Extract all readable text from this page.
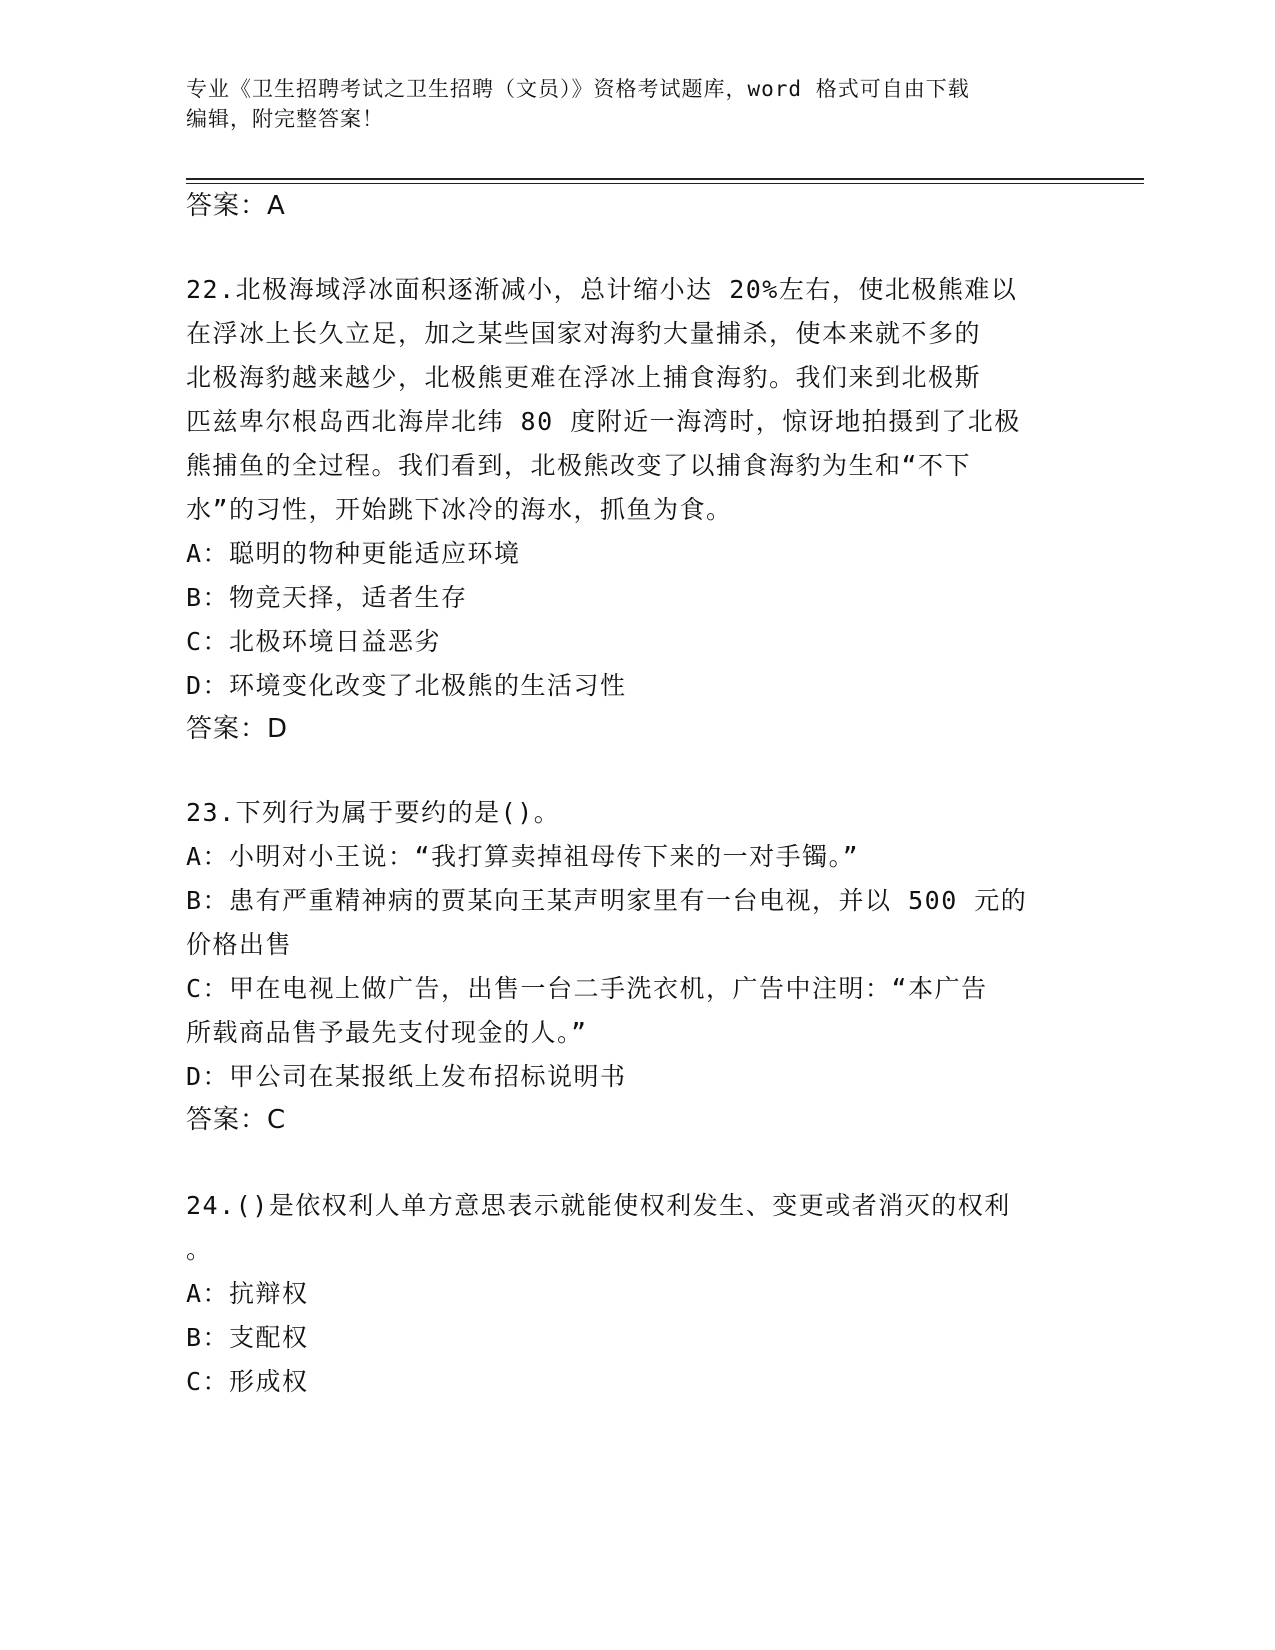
专业《卫生招聘考试之卫生招聘（文员）》资格考试题库，word 格式可自由下载
编辑，附完整答案！
答案：A
22.北极海域浮冰面积逐渐减小，总计缩小达 20%左右，使北极熊难以
在浮冰上长久立足，加之某些国家对海豹大量捕杀，使本来就不多的
北极海豹越来越少，北极熊更难在浮冰上捕食海豹。我们来到北极斯
匹兹卑尔根岛西北海岸北纬 80 度附近一海湾时，惊讶地拍摄到了北极
熊捕鱼的全过程。我们看到，北极熊改变了以捕食海豹为生和“不下
水”的习性，开始跳下冰冷的海水，抓鱼为食。
A：聪明的物种更能适应环境
B：物竞天择，适者生存
C：北极环境日益恶劣
D：环境变化改变了北极熊的生活习性
答案：D
23.下列行为属于要约的是()。
A：小明对小王说：“我打算卖掉祖母传下来的一对手镯。”
B：患有严重精神病的贾某向王某声明家里有一台电视，并以 500 元的
价格出售
C：甲在电视上做广告，出售一台二手洗衣机，广告中注明：“本广告
所载商品售予最先支付现金的人。”
D：甲公司在某报纸上发布招标说明书
答案：C
24.()是依权利人单方意思表示就能使权利发生、变更或者消灭的权利
。
A：抗辩权
B：支配权
C：形成权
